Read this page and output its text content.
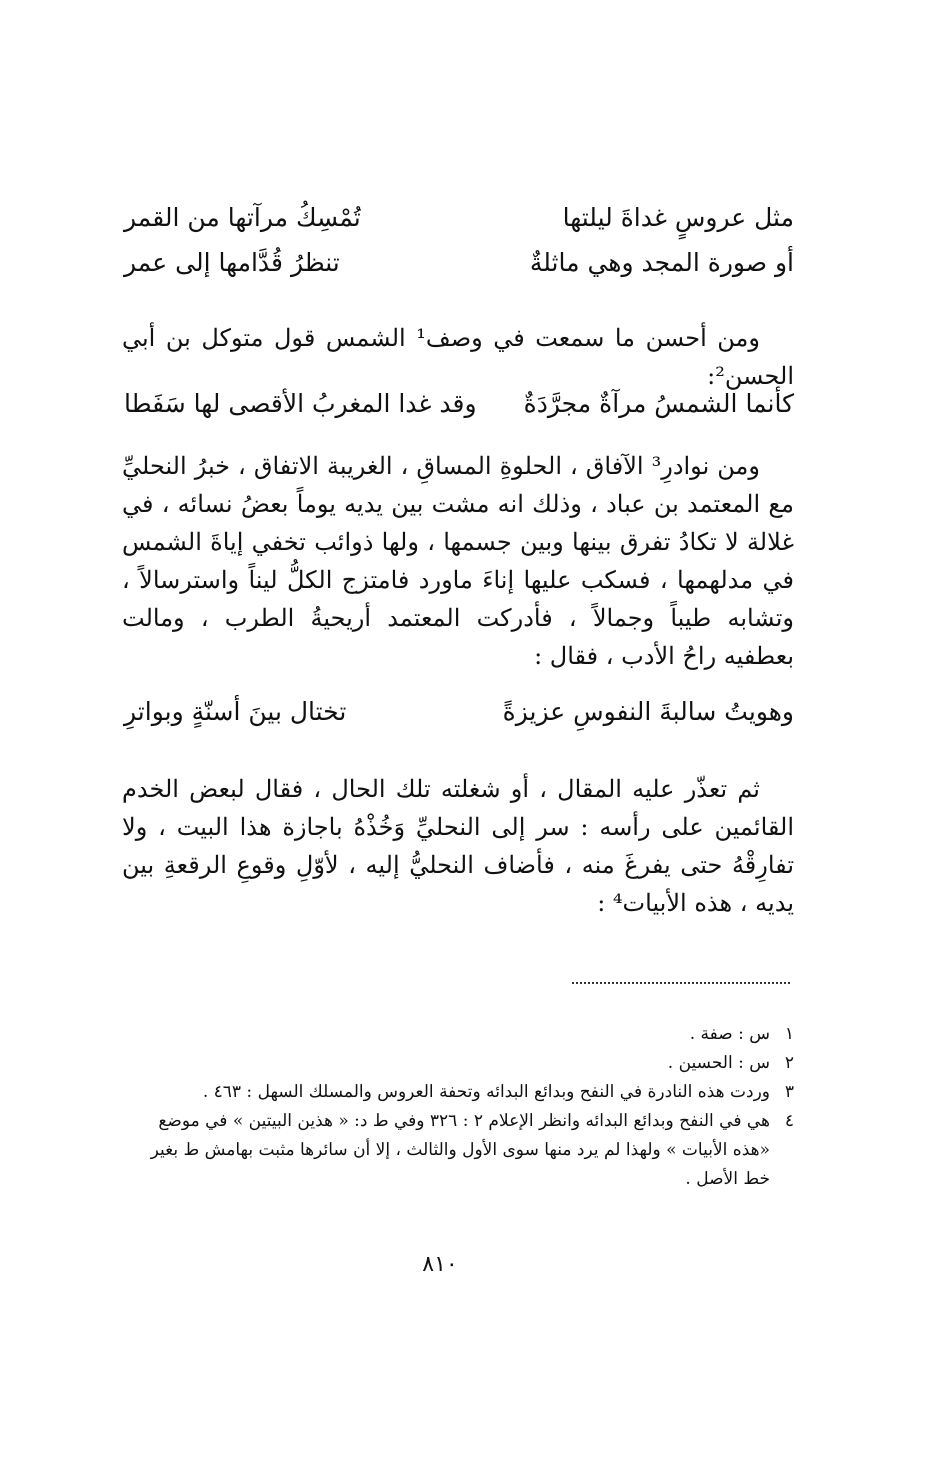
مثل عروسٍ غداةَ ليلتها
تُمْسِكُ مرآتها من القمر
أو صورة المجد وهي ماثلةٌ
تنظرُ قُدَّامها إلى عمر

ومن أحسن ما سمعت في وصف¹ الشمس قول متوكل بن أبي الحسن²:

كأنما الشمسُ مرآةٌ مجرَّدَةٌ
وقد غدا المغربُ الأقصى لها سَفَطا

ومن نوادرِ³ الآفاق ، الحلوةِ المساقِ ، الغريبة الاتفاق ، خبرُ النحليِّ مع المعتمد بن عباد ، وذلك انه مشت بين يديه يوماً بعضُ نسائه ، في غلالة لا تكادُ تفرق بينها وبين جسمها ، ولها ذوائب تخفي إياةَ الشمس في مدلهمها ، فسكب عليها إناءَ ماورد فامتزج الكلُّ ليناً واسترسالاً ، وتشابه طيباً وجمالاً ، فأدركت المعتمد أريحيةُ الطرب ، ومالت بعطفيه راحُ الأدب ، فقال :

وهويتُ سالبةَ النفوسِ عزيزةً
تختال بينَ أسنّةٍ وبواترِ

ثم تعذّر عليه المقال ، أو شغلته تلك الحال ، فقال لبعض الخدم القائمين على رأسه : سر إلى النحليِّ وَخُذْهُ باجازة هذا البيت ، ولا تفارِقْهُ حتى يفرغَ منه ، فأضاف النحليُّ إليه ، لأوّلِ وقوعِ الرقعةِ بين يديه ، هذه الأبيات⁴ :

١
س : صفة .
٢
س : الحسين .
٣
وردت هذه النادرة في النفح وبدائع البدائه وتحفة العروس والمسلك السهل : ٤٦٣ .
٤
هي في النفح وبدائع البدائه وانظر الإعلام ٢ : ٣٢٦ وفي ط د: « هذين البيتين » في موضع «هذه الأبيات » ولهذا لم يرد منها سوى الأول والثالث ، إلا أن سائرها مثبت بهامش ط بغير خط الأصل .
٨١٠
